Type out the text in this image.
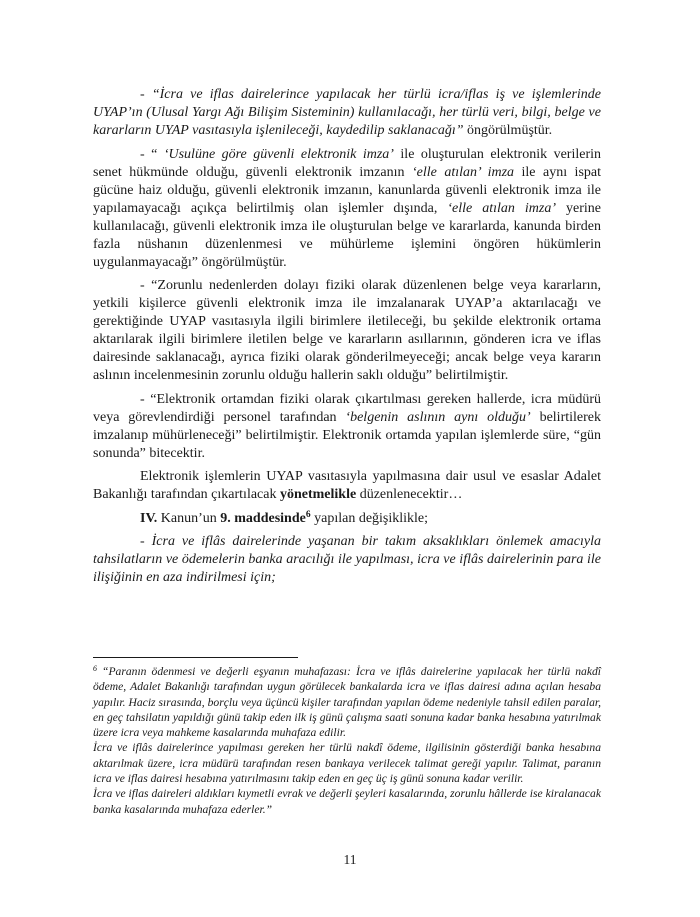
- “İcra ve iflas dairelerince yapılacak her türlü icra/iflas iş ve işlemlerinde UYAP’ın (Ulusal Yargı Ağı Bilişim Sisteminin) kullanılacağı, her türlü veri, bilgi, belge ve kararların UYAP vasıtasıyla işlenileceği, kaydedilip saklanacağı” öngörülmüştür.

- “ ‘Usulüne göre güvenli elektronik imza’ ile oluşturulan elektronik verilerin senet hükmünde olduğu, güvenli elektronik imzanın ‘elle atılan’ imza ile aynı ispat gücüne haiz olduğu, güvenli elektronik imzanın, kanunlarda güvenli elektronik imza ile yapılamayacağı açıkça belirtilmiş olan işlemler dışında, ‘elle atılan imza’ yerine kullanılacağı, güvenli elektronik imza ile oluşturulan belge ve kararlarda, kanunda birden fazla nüshanın düzenlenmesi ve mühürleme işlemini öngören hükümlerin uygulanmayacağı” öngörülmüştür.

- “Zorunlu nedenlerden dolayı fiziki olarak düzenlenen belge veya kararların, yetkili kişilerce güvenli elektronik imza ile imzalanarak UYAP’a aktarılacağı ve gerektiğinde UYAP vasıtasıyla ilgili birimlere iletileceği, bu şekilde elektronik ortama aktarılarak ilgili birimlere iletilen belge ve kararların asıllarının, gönderen icra ve iflas dairesinde saklanacağı, ayrıca fiziki olarak gönderilmeyeceği; ancak belge veya kararın aslının incelenmesinin zorunlu olduğu hallerin saklı olduğu” belirtilmiştir.

- “Elektronik ortamdan fiziki olarak çıkartılması gereken hallerde, icra müdürü veya görevlendirdiği personel tarafından ‘belgenin aslının aynı olduğu’ belirtilerek imzalanıp mühürleneceği” belirtilmiştir. Elektronik ortamda yapılan işlemlerde süre, “gün sonunda” bitecektir.

Elektronik işlemlerin UYAP vasıtasıyla yapılmasına dair usul ve esaslar Adalet Bakanlığı tarafından çıkartılacak yönetmelikle düzenlenecektir…

IV. Kanun’un 9. maddesinde$^6$ yapılan değişiklikle;

- İcra ve iflâs dairelerinde yaşanan bir takım aksaklıkları önlemek amacıyla tahsilatların ve ödemelerin banka aracılığı ile yapılması, icra ve iflâs dairelerinin para ile ilişiğinin en aza indirilmesi için;

$^6$ “Paranın ödenmesi ve değerli eşyanın muhafazası: İcra ve iflâs dairelerine yapılacak her türlü nakdî ödeme, Adalet Bakanlığı tarafından uygun görülecek bankalarda icra ve iflas dairesi adına açılan hesaba yapılır. Haciz sırasında, borçlu veya üçüncü kişiler tarafından yapılan ödeme nedeniyle tahsil edilen paralar, en geç tahsilatın yapıldığı günü takip eden ilk iş günü çalışma saati sonuna kadar banka hesabına yatırılmak üzere icra veya mahkeme kasalarında muhafaza edilir.

İcra ve iflâs dairelerince yapılması gereken her türlü nakdî ödeme, ilgilisinin gösterdiği banka hesabına aktarılmak üzere, icra müdürü tarafından resen bankaya verilecek talimat gereği yapılır. Talimat, paranın icra ve iflas dairesi hesabına yatırılmasını takip eden en geç üç iş günü sonuna kadar verilir.

İcra ve iflas daireleri aldıkları kıymetli evrak ve değerli şeyleri kasalarında, zorunlu hâllerde ise kiralanacak banka kasalarında muhafaza ederler.”

11
